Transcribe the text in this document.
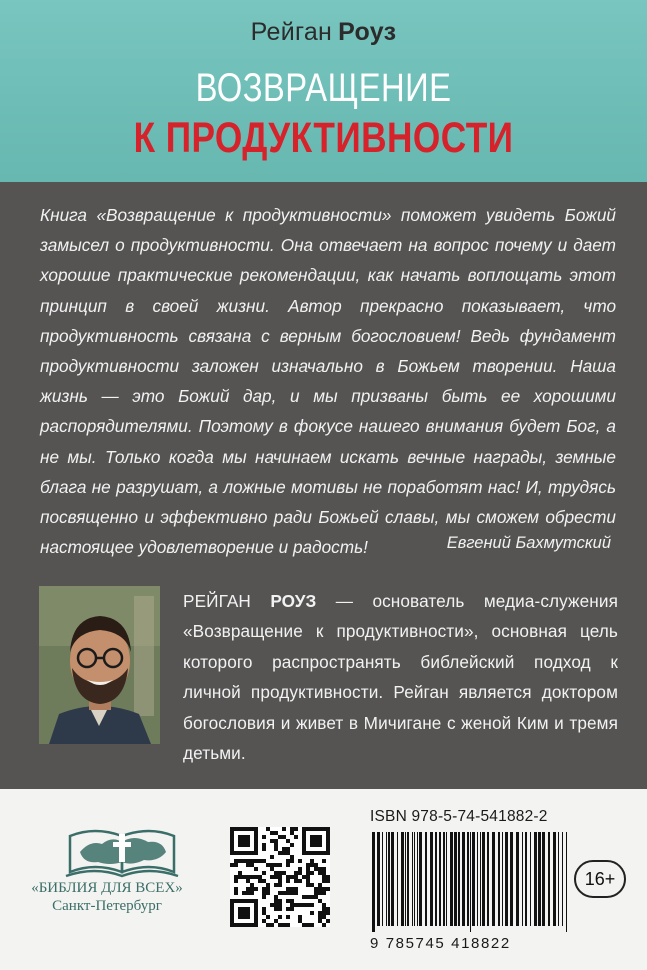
Рейган Роуз
ВОЗВРАЩЕНИЕ
К ПРОДУКТИВНОСТИ
Книга «Возвращение к продуктивности» поможет увидеть Божий замысел о продуктивности. Она отвечает на вопрос почему и дает хорошие практические рекомендации, как начать воплощать этот принцип в своей жизни. Автор прекрасно показывает, что продуктивность связана с верным богословием! Ведь фундамент продуктивности заложен изначально в Божьем творении. Наша жизнь — это Божий дар, и мы призваны быть ее хорошими распорядителями. Поэтому в фокусе нашего внимания будет Бог, а не мы. Только когда мы начинаем искать вечные награды, земные блага не разрушат, а ложные мотивы не поработят нас! И, трудясь посвященно и эффективно ради Божьей славы, мы сможем обрести настоящее удовлетворение и радость!	Евгений Бахмутский
РЕЙГАН РОУЗ — основатель медиа-служения «Возвращение к продуктивности», основная цель которого распространять библейский подход к личной продуктивности. Рейган является доктором богословия и живет в Мичигане с женой Ким и тремя детьми.
«БИБЛИЯ ДЛЯ ВСЕХ»
Санкт-Петербург
ISBN 978-5-74-541882-2
9 785745 418822
16+
